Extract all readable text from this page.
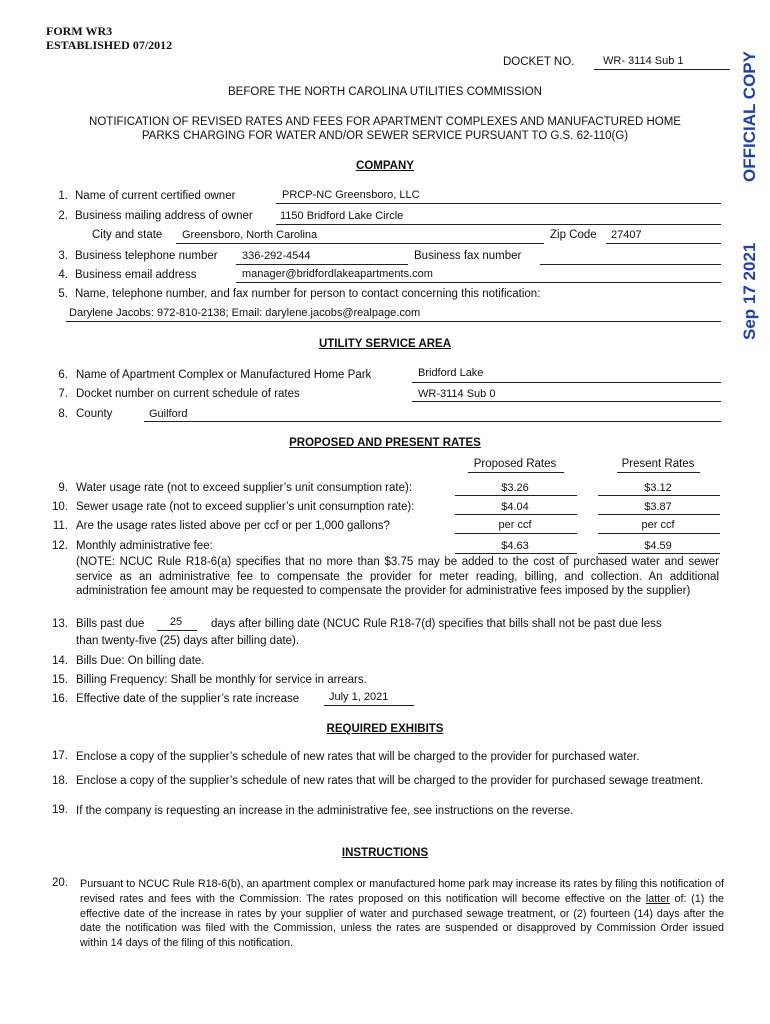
FORM WR3
ESTABLISHED 07/2012
DOCKET NO.	WR- 3114 Sub 1	OFFICIAL COPY
Sep 17 2021
BEFORE THE NORTH CAROLINA UTILITIES COMMISSION
NOTIFICATION OF REVISED RATES AND FEES FOR APARTMENT COMPLEXES AND MANUFACTURED HOME
PARKS CHARGING FOR WATER AND/OR SEWER SERVICE PURSUANT TO G.S. 62-110(G)
COMPANY
1. Name of current certified owner	PRCP-NC Greensboro, LLC
2. Business mailing address of owner 1150 Bridford Lake Circle
City and state Greensboro, North Carolina	Zip Code 27407
3. Business telephone number 336-292-4544	Business fax number
4. Business email address	manager@bridfordlakeapartments.com
5. Name, telephone number, and fax number for person to contact concerning this notification:
Darylene Jacobs: 972-810-2138; Email: darylene.jacobs@realpage.com
UTILITY SERVICE AREA
6. Name of Apartment Complex or Manufactured Home Park	Bridford Lake
7. Docket number on current schedule of rates	WR-3114 Sub 0
8. County	Guilford
PROPOSED AND PRESENT RATES
Proposed Rates	Present Rates
9. Water usage rate (not to exceed supplier’s unit consumption rate):	$3.26	$3.12
10. Sewer usage rate (not to exceed supplier’s unit consumption rate):	$4.04	$3.87
11. Are the usage rates listed above per ccf or per 1,000 gallons?	per ccf	per ccf
12. Monthly administrative fee:	$4.63	$4.59
(NOTE: NCUC Rule R18-6(a) specifies that no more than $3.75 may be added to the cost of purchased water and sewer service as an administrative fee to compensate the provider for meter reading, billing, and collection. An additional administration fee amount may be requested to compensate the provider for administrative fees imposed by the supplier)
13. Bills past due	25	days after billing date (NCUC Rule R18-7(d) specifies that bills shall not be past due less
than twenty-five (25) days after billing date).
14. Bills Due: On billing date.
15. Billing Frequency: Shall be monthly for service in arrears.
16. Effective date of the supplier’s rate increase	July 1, 2021
REQUIRED EXHIBITS
17. Enclose a copy of the supplier’s schedule of new rates that will be charged to the provider for purchased water.
18. Enclose a copy of the supplier’s schedule of new rates that will be charged to the provider for purchased sewage treatment.
19. If the company is requesting an increase in the administrative fee, see instructions on the reverse.
INSTRUCTIONS
20. Pursuant to NCUC Rule R18-6(b), an apartment complex or manufactured home park may increase its rates by filing this notification of revised rates and fees with the Commission. The rates proposed on this notification will become effective on the latter of: (1) the effective date of the increase in rates by your supplier of water and purchased sewage treatment, or (2) fourteen (14) days after the date the notification was filed with the Commission, unless the rates are suspended or disapproved by Commission Order issued within 14 days of the filing of this notification.
